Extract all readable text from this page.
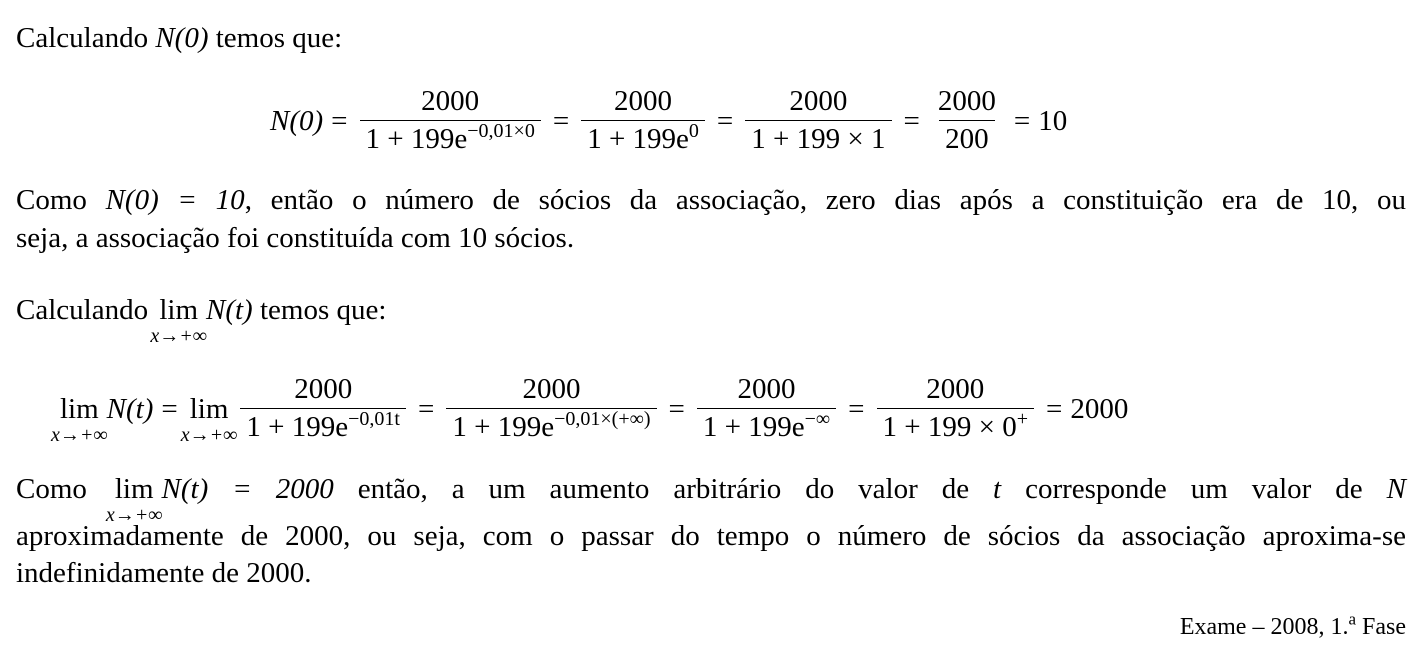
Calculando N(0) temos que:
$N(0) = \frac{2000}{1 + 199e^{-0,01\times 0}} = \frac{2000}{1 + 199e^0} = \frac{2000}{1 + 199 \times 1} = \frac{2000}{200} = 10$
Como N(0) = 10, então o número de sócios da associação, zero dias após a constituição era de 10, ou
seja, a associação foi constituída com 10 sócios.
Calculando lim
x→+∞
N(t) temos que:
lim
x→+∞
N(t) = lim
$x\to+\infty \frac{2000}{1 + 199e^{-0,01t}} = \frac{2000}{1 + 199e^{-0,01\times(+\infty)}} = \frac{2000}{1 + 199e^{-\infty}} = \frac{2000}{1 + 199 \times 0^+} = 2000$
Como lim
x→+∞
N(t) = 2000 então, a um aumento arbitrário do valor de t corresponde um valor de N
aproximadamente de 2000, ou seja, com o passar do tempo o número de sócios da associação aproxima-se
indefinidamente de 2000.
Exame – 2008, 1.$^a$ Fase
